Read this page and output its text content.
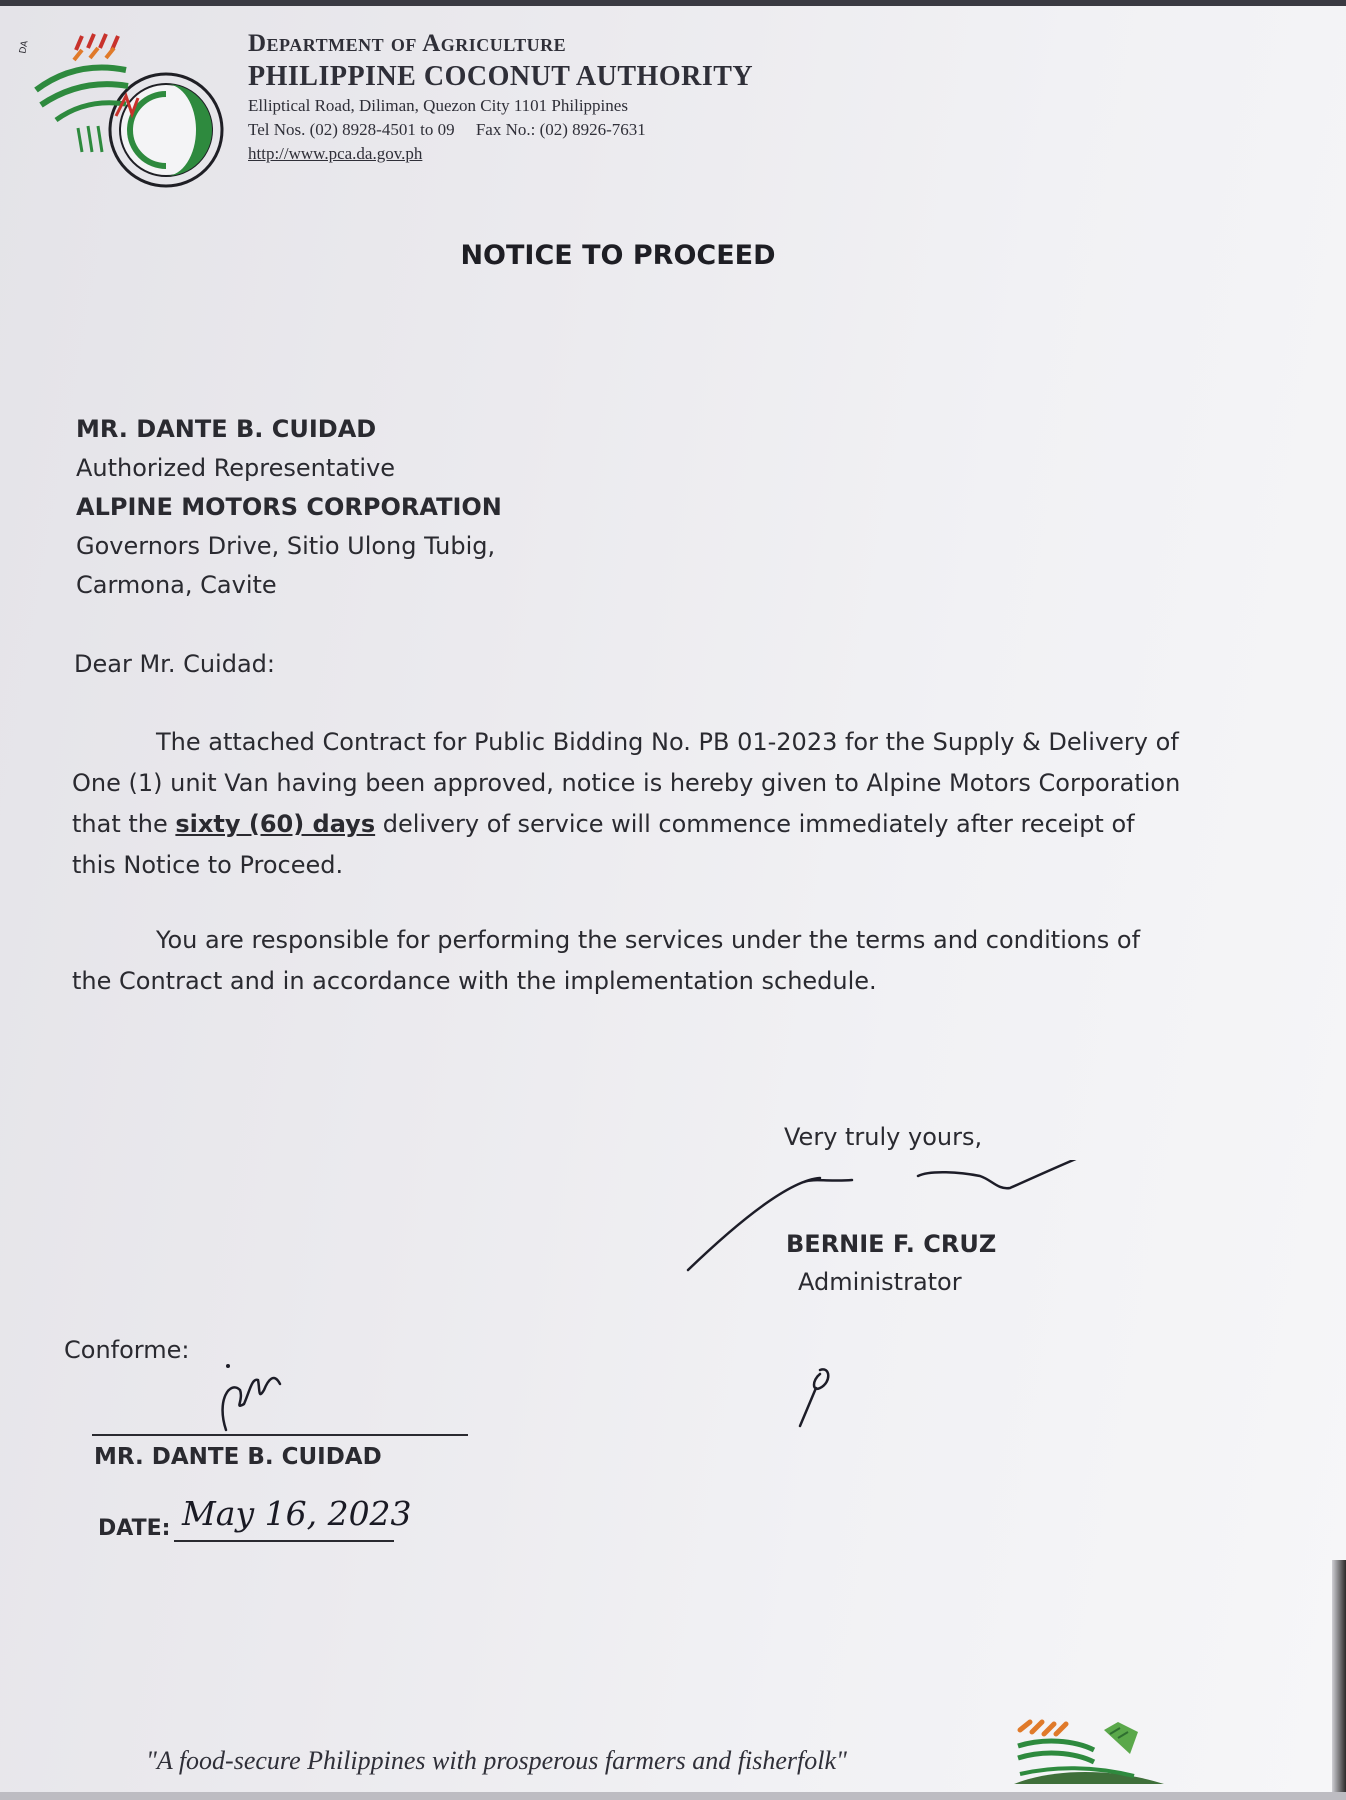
DA	Department of Agriculture

PHILIPPINE COCONUT AUTHORITY

Elliptical Road, Diliman, Quezon City 1101 Philippines

Tel Nos. (02) 8928-4501 to 09     Fax No.: (02) 8926-7631

http://www.pca.da.gov.ph
NOTICE TO PROCEED
MR. DANTE B. CUIDAD
Authorized Representative
ALPINE MOTORS CORPORATION
Governors Drive, Sitio Ulong Tubig,
Carmona, Cavite
Dear Mr. Cuidad:
The attached Contract for Public Bidding No. PB 01-2023 for the Supply & Delivery of One (1) unit Van having been approved, notice is hereby given to Alpine Motors Corporation that the sixty (60) days delivery of service will commence immediately after receipt of this Notice to Proceed.
You are responsible for performing the services under the terms and conditions of the Contract and in accordance with the implementation schedule.
Very truly yours,
BERNIE F. CRUZ
Administrator
Conforme:
MR. DANTE B. CUIDAD
DATE: May 16, 2023
"A food-secure Philippines with prosperous farmers and fisherfolk"
